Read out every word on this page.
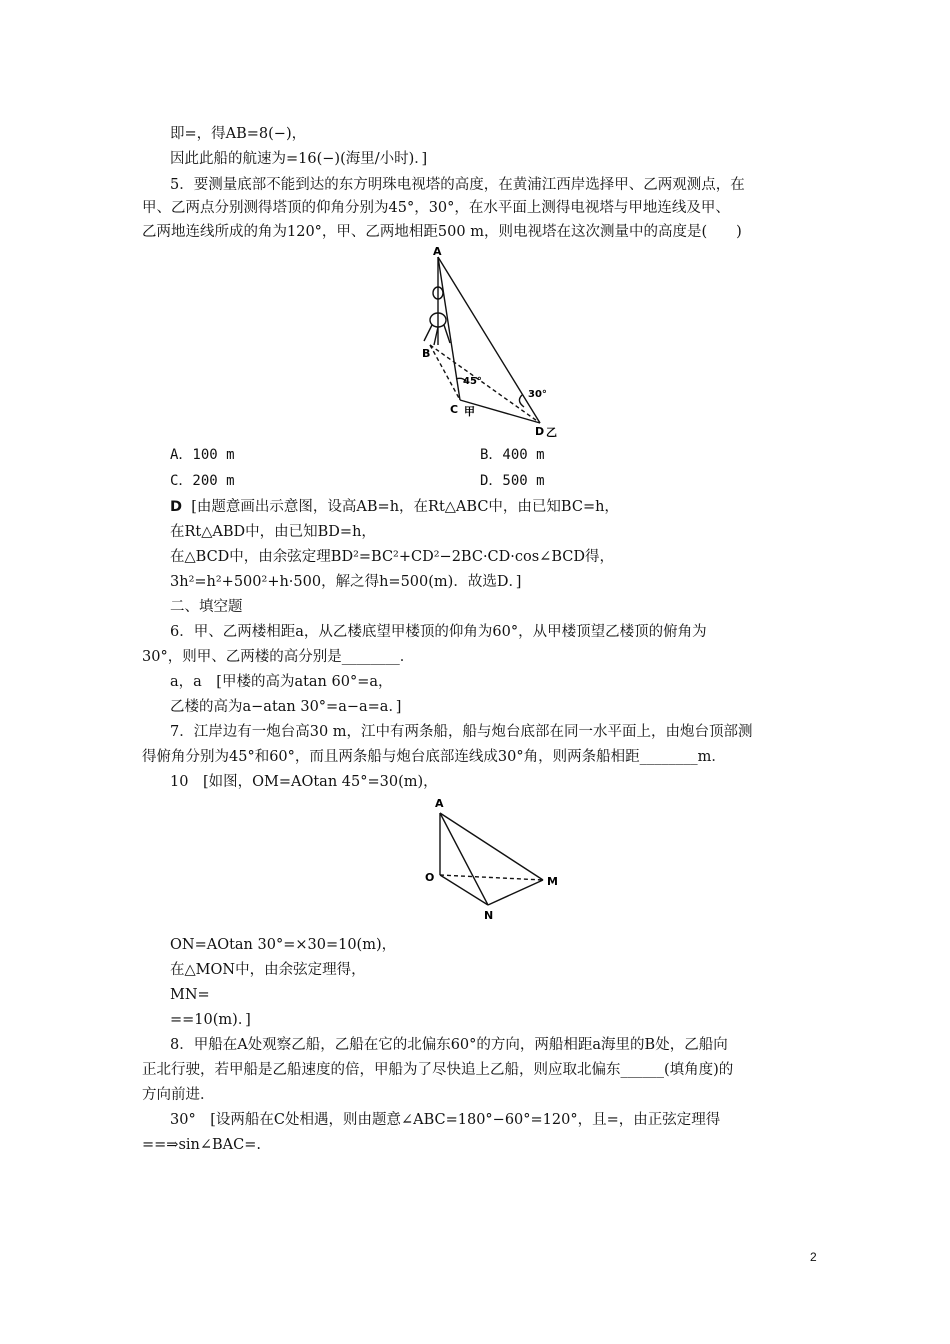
即=，得AB=8(−)，
因此此船的航速为=16(−)(海里/小时)．]
5．要测量底部不能到达的东方明珠电视塔的高度，在黄浦江西岸选择甲、乙两观测点，在
甲、乙两点分别测得塔顶的仰角分别为45°，30°，在水平面上测得电视塔与甲地连线及甲、
乙两地连线所成的角为120°，甲、乙两地相距500 m，则电视塔在这次测量中的高度是(　　)
A
B
C 甲
D 乙
45°
30°
A．100 m	B．400 m
C．200 m	D．500 m
D [由题意画出示意图，设高AB=h，在Rt△ABC中，由已知BC=h，
在Rt△ABD中，由已知BD=h，
在△BCD中，由余弦定理BD²=BC²+CD²−2BC·CD·cos∠BCD得，
3h²=h²+500²+h·500，解之得h=500(m)．故选D．]
二、填空题
6．甲、乙两楼相距a，从乙楼底望甲楼顶的仰角为60°，从甲楼顶望乙楼顶的俯角为
30°，则甲、乙两楼的高分别是________．
a，a　[甲楼的高为atan 60°=a，
乙楼的高为a−atan 30°=a−a=a．]
7．江岸边有一炮台高30 m，江中有两条船，船与炮台底部在同一水平面上，由炮台顶部测
得俯角分别为45°和60°，而且两条船与炮台底部连线成30°角，则两条船相距________m．
10　[如图，OM=AOtan 45°=30(m)，
A
O	M
N
ON=AOtan 30°=×30=10(m)，
在△MON中，由余弦定理得，
MN=
==10(m)．]
8．甲船在A处观察乙船，乙船在它的北偏东60°的方向，两船相距a海里的B处，乙船向
正北行驶，若甲船是乙船速度的倍，甲船为了尽快追上乙船，则应取北偏东______(填角度)的
方向前进．
30°　[设两船在C处相遇，则由题意∠ABC=180°−60°=120°，且=，由正弦定理得
==⇒sin∠BAC=.
2
